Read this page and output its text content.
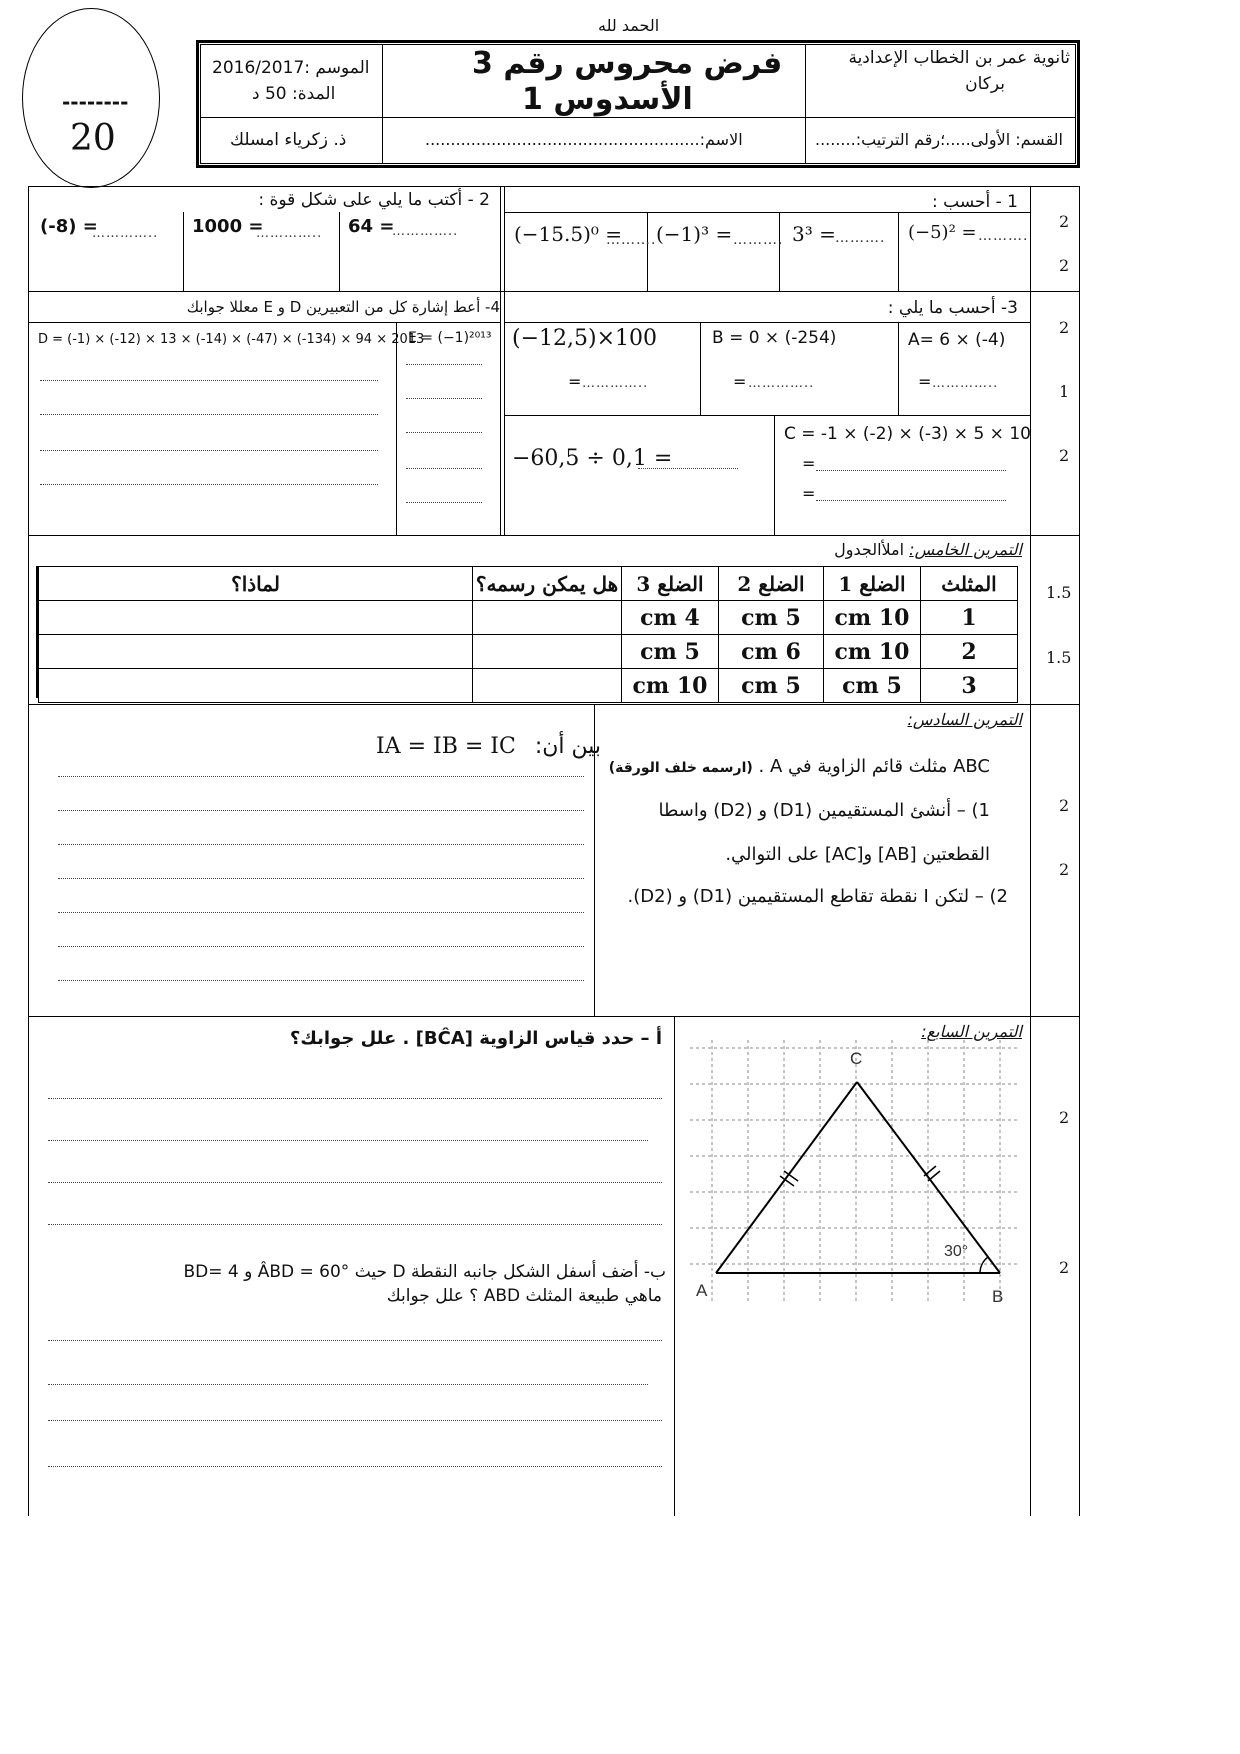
--------
20
الحمد لله
ثانوية عمر بن الخطاب الإعدادية
بركان
فرض محروس رقم 3
الأسدوس 1
الموسم :2016/2017
المدة: 50 د
القسم: الأولى.....؛رقم الترتيب:........
الاسم:......................................................
ذ. زكرياء امسلك
2
2
2
1
2
1.5
1.5
2
2
2
2
1 - أحسب :
(−5)² = ……….
3³ = ……….
(−1)³ = ……….
(−15.5)⁰ =
……….
2 - أكتب ما يلي على شكل قوة :
64 =
…………..
1000 =
…………..
(-8) =
…………..
3- أحسب ما يلي :
A= 6 × (-4)
= …………..
B = 0 × (-254)
= …………..
(−12,5)×100
= …………..
C = -1 × (-2) × (-3) × 5 × 10
=
=
−60,5 ÷ 0,1 =
4- أعط إشارة كل من التعبيرين D و E معللا جوابك
D = (-1) × (-12) × 13 × (-14) × (-47) × (-134) × 94 × 2013
E = (−1)²⁰¹³
التمرين الخامس: املأالجدول
المثلث	الضلع 1	الضلع 2	الضلع 3	هل يمكن رسمه؟	لماذا؟
1	10 cm	5 cm	4 cm		
2	10 cm	6 cm	5 cm		
3	5 cm	5 cm	10 cm		
التمرين السادس:
ABC مثلث قائم الزاوية في A . (ارسمه خلف الورقة)
1) – أنشئ المستقيمين (D1) و (D2) واسطا
القطعتين [AB] و[AC] على التوالي.
2) – لتكن I نقطة تقاطع المستقيمين (D1) و (D2).
بين أن: IA = IB = IC
التمرين السابع:
أ – حدد قياس الزاوية [BĈA] . علل جوابك؟
ب- أضف أسفل الشكل جانبه النقطة D حيث ÂBD = 60° و BD= 4
ماهي طبيعة المثلث ABD ؟ علل جوابك
C
A	B
30°
